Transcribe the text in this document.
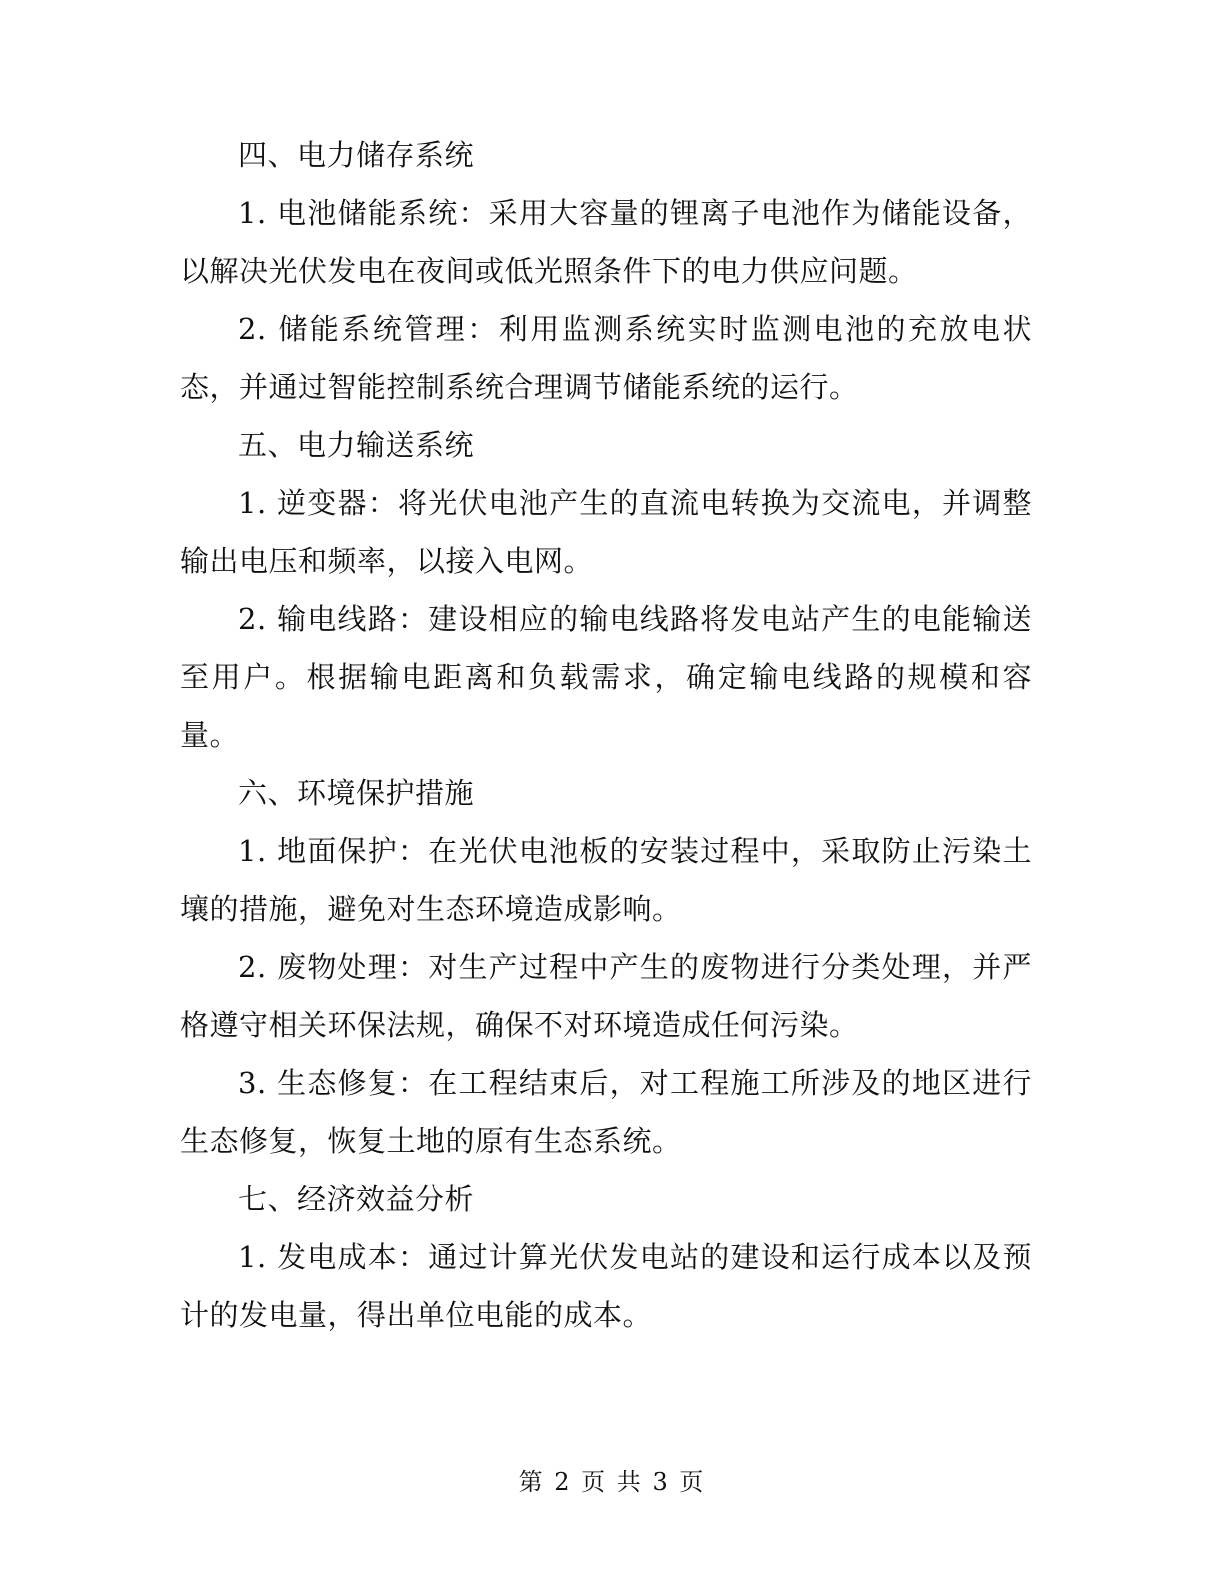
四、电力储存系统

1. 电池储能系统：采用大容量的锂离子电池作为储能设备，以解决光伏发电在夜间或低光照条件下的电力供应问题。

2. 储能系统管理：利用监测系统实时监测电池的充放电状态，并通过智能控制系统合理调节储能系统的运行。

五、电力输送系统

1. 逆变器：将光伏电池产生的直流电转换为交流电，并调整输出电压和频率，以接入电网。

2. 输电线路：建设相应的输电线路将发电站产生的电能输送至用户。根据输电距离和负载需求，确定输电线路的规模和容量。

六、环境保护措施

1. 地面保护：在光伏电池板的安装过程中，采取防止污染土壤的措施，避免对生态环境造成影响。

2. 废物处理：对生产过程中产生的废物进行分类处理，并严格遵守相关环保法规，确保不对环境造成任何污染。

3. 生态修复：在工程结束后，对工程施工所涉及的地区进行生态修复，恢复土地的原有生态系统。

七、经济效益分析

1. 发电成本：通过计算光伏发电站的建设和运行成本以及预计的发电量，得出单位电能的成本。

第 2 页 共 3 页
